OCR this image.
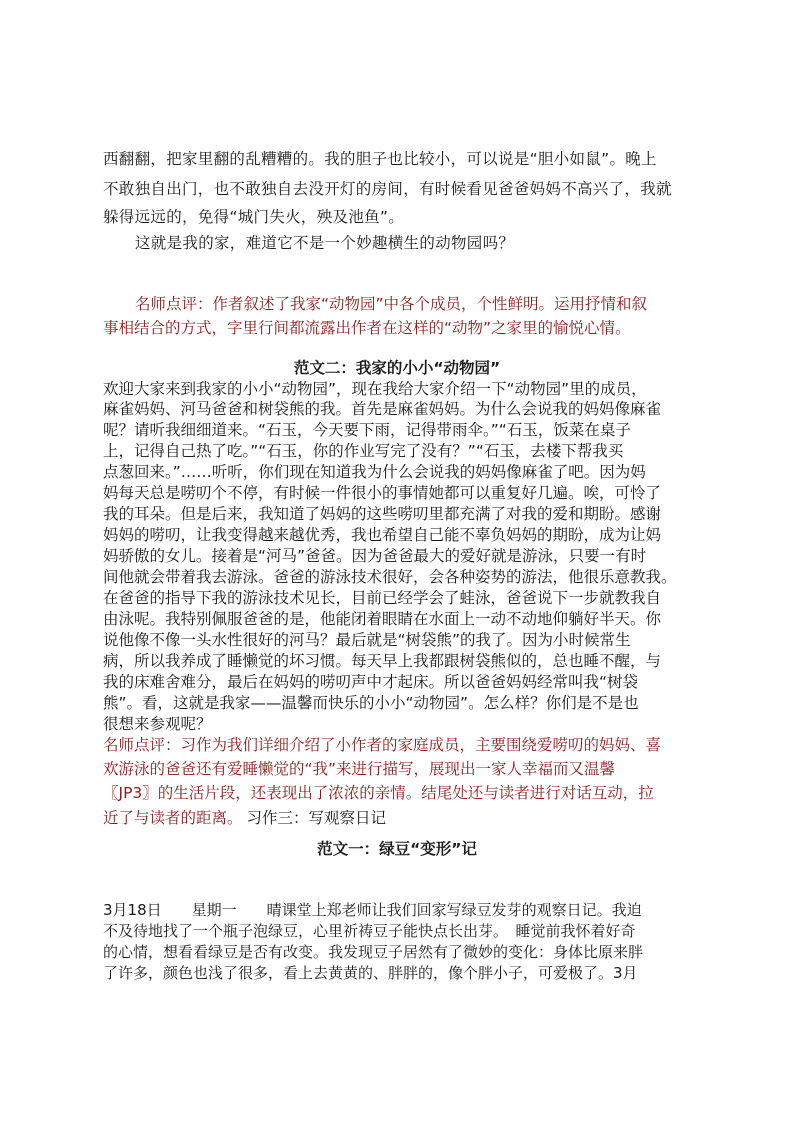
西翻翻，把家里翻的乱糟糟的。我的胆子也比较小，可以说是“胆小如鼠”。晚上
不敢独自出门，也不敢独自去没开灯的房间，有时候看见爸爸妈妈不高兴了，我就
躲得远远的，免得“城门失火，殃及池鱼”。
这就是我的家，难道它不是一个妙趣横生的动物园吗？
名师点评：作者叙述了我家“动物园”中各个成员，个性鲜明。运用抒情和叙
事相结合的方式，字里行间都流露出作者在这样的“动物”之家里的愉悦心情。
范文二：我家的小小“动物园”
欢迎大家来到我家的小小“动物园”，现在我给大家介绍一下“动物园”里的成员，
麻雀妈妈、河马爸爸和树袋熊的我。首先是麻雀妈妈。为什么会说我的妈妈像麻雀
呢？请听我细细道来。“石玉，今天要下雨，记得带雨伞。”“石玉，饭菜在桌子
上，记得自己热了吃。”“石玉，你的作业写完了没有？”“石玉，去楼下帮我买
点葱回来。”……听听，你们现在知道我为什么会说我的妈妈像麻雀了吧。因为妈
妈每天总是唠叨个不停，有时候一件很小的事情她都可以重复好几遍。唉，可怜了
我的耳朵。但是后来，我知道了妈妈的这些唠叨里都充满了对我的爱和期盼。感谢
妈妈的唠叨，让我变得越来越优秀，我也希望自己能不辜负妈妈的期盼，成为让妈
妈骄傲的女儿。接着是“河马”爸爸。因为爸爸最大的爱好就是游泳，只要一有时
间他就会带着我去游泳。爸爸的游泳技术很好，会各种姿势的游法，他很乐意教我。
在爸爸的指导下我的游泳技术见长，目前已经学会了蛙泳，爸爸说下一步就教我自
由泳呢。我特别佩服爸爸的是，他能闭着眼睛在水面上一动不动地仰躺好半天。你
说他像不像一头水性很好的河马？最后就是“树袋熊”的我了。因为小时候常生
病，所以我养成了睡懒觉的坏习惯。每天早上我都跟树袋熊似的，总也睡不醒，与
我的床难舍难分，最后在妈妈的唠叨声中才起床。所以爸爸妈妈经常叫我“树袋
熊”。看，这就是我家——温馨而快乐的小小“动物园”。怎么样？你们是不是也
很想来参观呢？
名师点评：习作为我们详细介绍了小作者的家庭成员，主要围绕爱唠叨的妈妈、喜
欢游泳的爸爸还有爱睡懒觉的“我”来进行描写，展现出一家人幸福而又温馨
〖JP3〗的生活片段，还表现出了浓浓的亲情。结尾处还与读者进行对话互动，拉
近了与读者的距离。 习作三：写观察日记
范文一：绿豆“变形”记
3月18日　　星期一　　晴课堂上郑老师让我们回家写绿豆发芽的观察日记。我迫
不及待地找了一个瓶子泡绿豆，心里祈祷豆子能快点长出芽。　睡觉前我怀着好奇
的心情，想看看绿豆是否有改变。我发现豆子居然有了微妙的变化：身体比原来胖
了许多，颜色也浅了很多，看上去黄黄的、胖胖的，像个胖小子，可爱极了。3月
